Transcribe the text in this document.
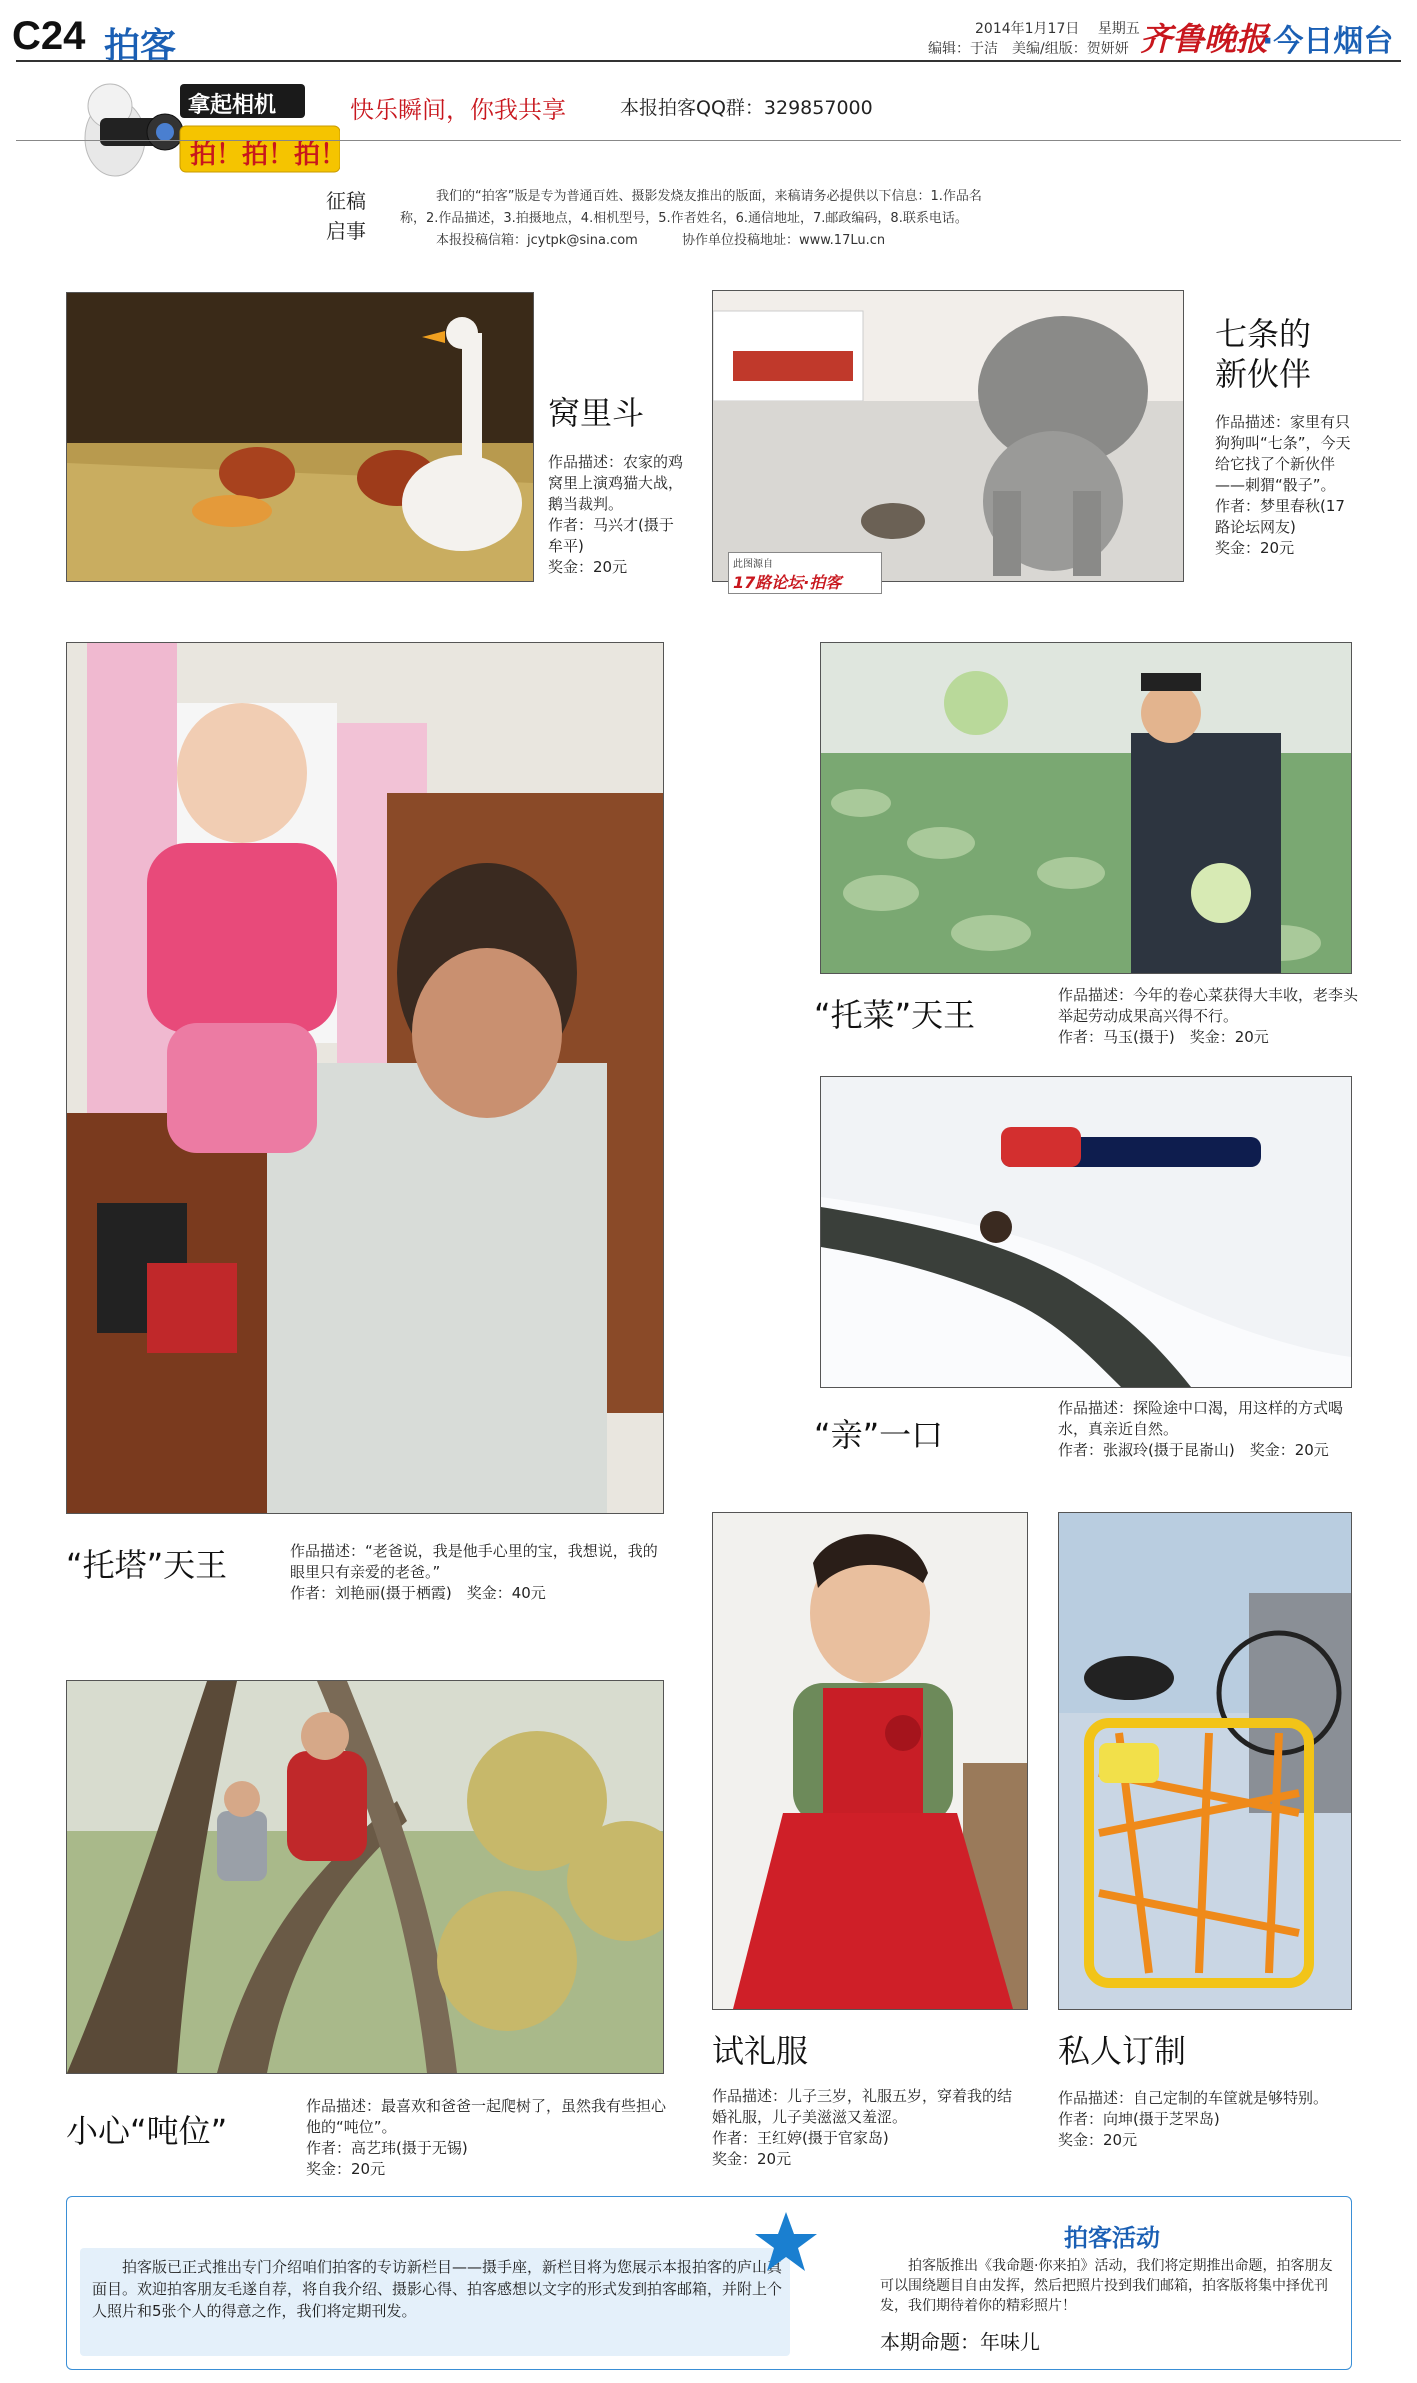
C24 拍客	2014年1月17日 星期五
编辑：于洁　美编/组版：贺妍妍 齐鲁晚报
·今日烟台
拿起相机
拍！拍！拍！
快乐瞬间，你我共享	本报拍客QQ群：329857000
征稿
启事
我们的“拍客”版是专为普通百姓、摄影发烧友推出的版面，来稿请务必提供以下信息：1.作品名
称，2.作品描述，3.拍摄地点，4.相机型号，5.作者姓名，6.通信地址，7.邮政编码，8.联系电话。
本报投稿信箱：jcytpk@sina.com	协作单位投稿地址：www.17Lu.cn
窝里斗
作品描述：农家的鸡窝里上演鸡猫大战，鹅当裁判。
作者：马兴才(摄于牟平)
奖金：20元	此图源自
17路论坛·拍客
七条的
新伙伴
作品描述：家里有只狗狗叫“七条”，今天给它找了个新伙伴——刺猬“骰子”。
作者：梦里春秋(17路论坛网友)
奖金：20元
“托塔”天王	作品描述：“老爸说，我是他手心里的宝，我想说，我的眼里只有亲爱的老爸。”
作者：刘艳丽(摄于栖霞)　奖金：40元
“托菜”天王
作品描述：今年的卷心菜获得大丰收，老李头举起劳动成果高兴得不行。
作者：马玉(摄于)　奖金：20元
“亲”一口
作品描述：探险途中口渴，用这样的方式喝水，真亲近自然。
作者：张淑玲(摄于昆嵛山)　奖金：20元
小心“吨位”
作品描述：最喜欢和爸爸一起爬树了，虽然我有些担心他的“吨位”。
作者：高艺玮(摄于无锡)
奖金：20元
试礼服
作品描述：儿子三岁，礼服五岁，穿着我的结婚礼服，儿子美滋滋又羞涩。
作者：王红婷(摄于官家岛)
奖金：20元
私人订制
作品描述：自己定制的车筐就是够特别。
作者：向坤(摄于芝罘岛)
奖金：20元
拍客版已正式推出专门介绍咱们拍客的专访新栏目——摄手座，新栏目将为您展示本报拍客的庐山真面目。欢迎拍客朋友毛遂自荐，将自我介绍、摄影心得、拍客感想以文字的形式发到拍客邮箱，并附上个人照片和5张个人的得意之作，我们将定期刊发。
拍客活动
拍客版推出《我命题·你来拍》活动，我们将定期推出命题，拍客朋友可以围绕题目自由发挥，然后把照片投到我们邮箱，拍客版将集中择优刊发，我们期待着你的精彩照片！
本期命题：年味儿
